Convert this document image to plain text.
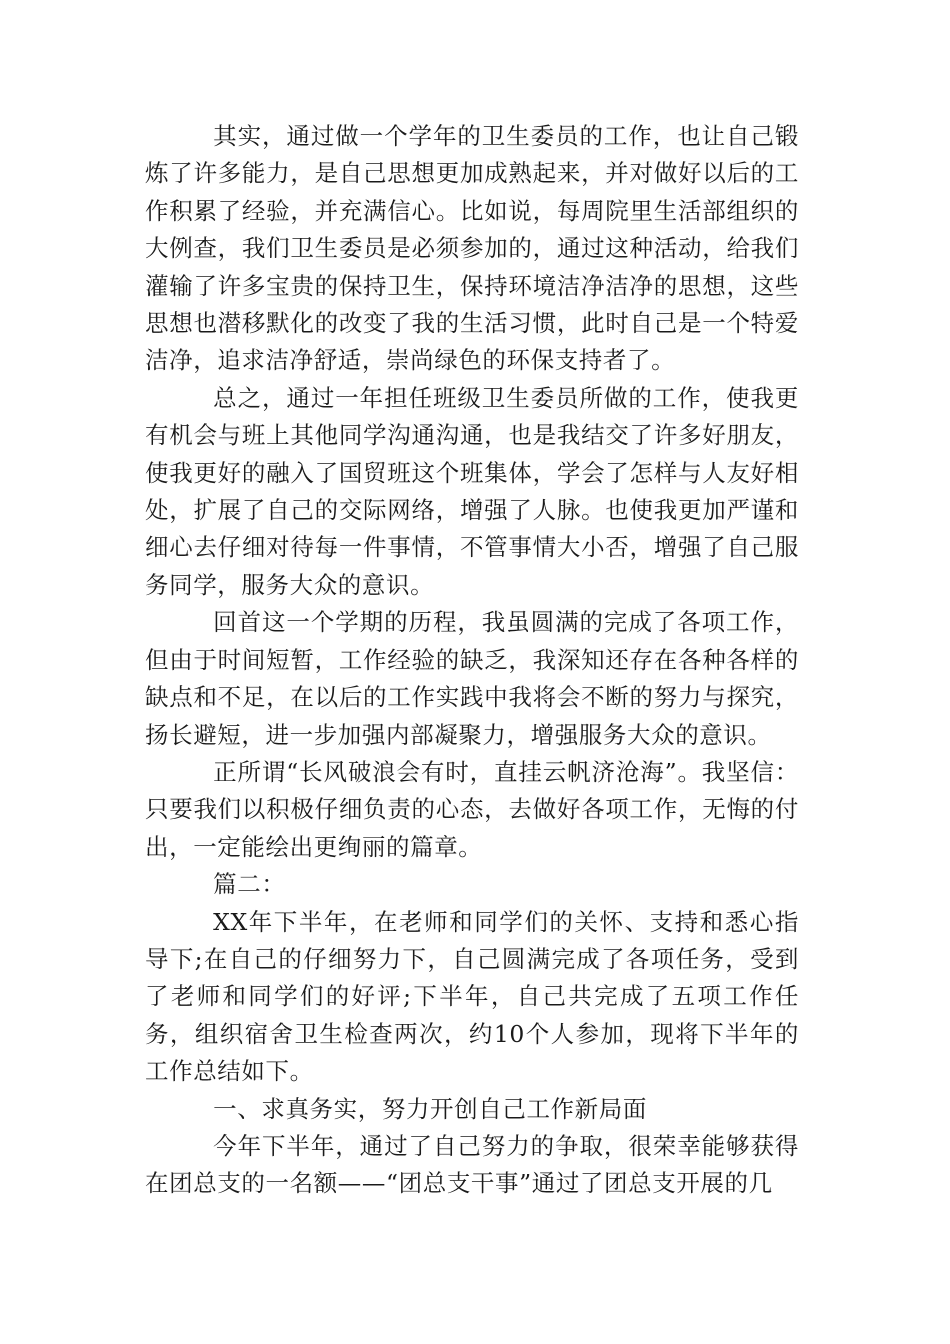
其实，通过做一个学年的卫生委员的工作，也让自己锻炼了许多能力，是自己思想更加成熟起来，并对做好以后的工作积累了经验，并充满信心。比如说，每周院里生活部组织的大例查，我们卫生委员是必须参加的，通过这种活动，给我们灌输了许多宝贵的保持卫生，保持环境洁净洁净的思想，这些思想也潜移默化的改变了我的生活习惯，此时自己是一个特爱洁净，追求洁净舒适，崇尚绿色的环保支持者了。

总之，通过一年担任班级卫生委员所做的工作，使我更有机会与班上其他同学沟通沟通，也是我结交了许多好朋友，使我更好的融入了国贸班这个班集体，学会了怎样与人友好相处，扩展了自己的交际网络，增强了人脉。也使我更加严谨和细心去仔细对待每一件事情，不管事情大小否，增强了自己服务同学，服务大众的意识。

回首这一个学期的历程，我虽圆满的完成了各项工作，但由于时间短暂，工作经验的缺乏，我深知还存在各种各样的缺点和不足，在以后的工作实践中我将会不断的努力与探究，扬长避短，进一步加强内部凝聚力，增强服务大众的意识。

正所谓“长风破浪会有时，直挂云帆济沧海”。我坚信：只要我们以积极仔细负责的心态，去做好各项工作，无悔的付出，一定能绘出更绚丽的篇章。

篇二：

XX年下半年，在老师和同学们的关怀、支持和悉心指导下;在自己的仔细努力下，自己圆满完成了各项任务，受到了老师和同学们的好评;下半年，自己共完成了五项工作任务，组织宿舍卫生检查两次，约10个人参加，现将下半年的工作总结如下。

一、求真务实，努力开创自己工作新局面

今年下半年，通过了自己努力的争取，很荣幸能够获得在团总支的一名额——“团总支干事”通过了团总支开展的几
